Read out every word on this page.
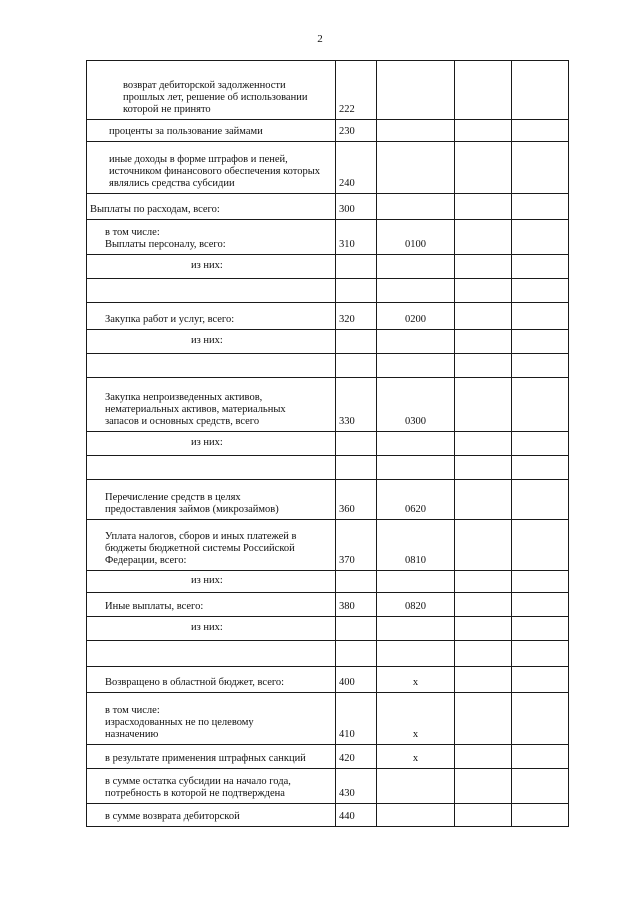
2
возврат дебиторской задолженности
прошлых лет, решение об использовании
которой не принято	222			
проценты за пользование займами	230			
иные доходы в форме штрафов и пеней,
источником финансового обеспечения которых
являлись средства субсидии	240			
Выплаты по расходам, всего:	300			
в том числе:
Выплаты персоналу, всего:	310	0100		
из них:				

Закупка работ и услуг, всего:	320	0200		
из них:				

Закупка непроизведенных активов,
нематериальных активов, материальных
запасов и основных средств, всего	330	0300		
из них:				

Перечисление средств в целях
предоставления займов (микрозаймов)	360	0620		
Уплата налогов, сборов и иных платежей в
бюджеты бюджетной системы Российской
Федерации, всего:	370	0810		
из них:				
Иные выплаты, всего:	380	0820		
из них:				

Возвращено в областной бюджет, всего:	400	x		
в том числе:
израсходованных не по целевому
назначению	410	x		
в результате применения штрафных санкций	420	x		
в сумме остатка субсидии на начало года,
потребность в которой не подтверждена	430			
в сумме возврата дебиторской	440			
